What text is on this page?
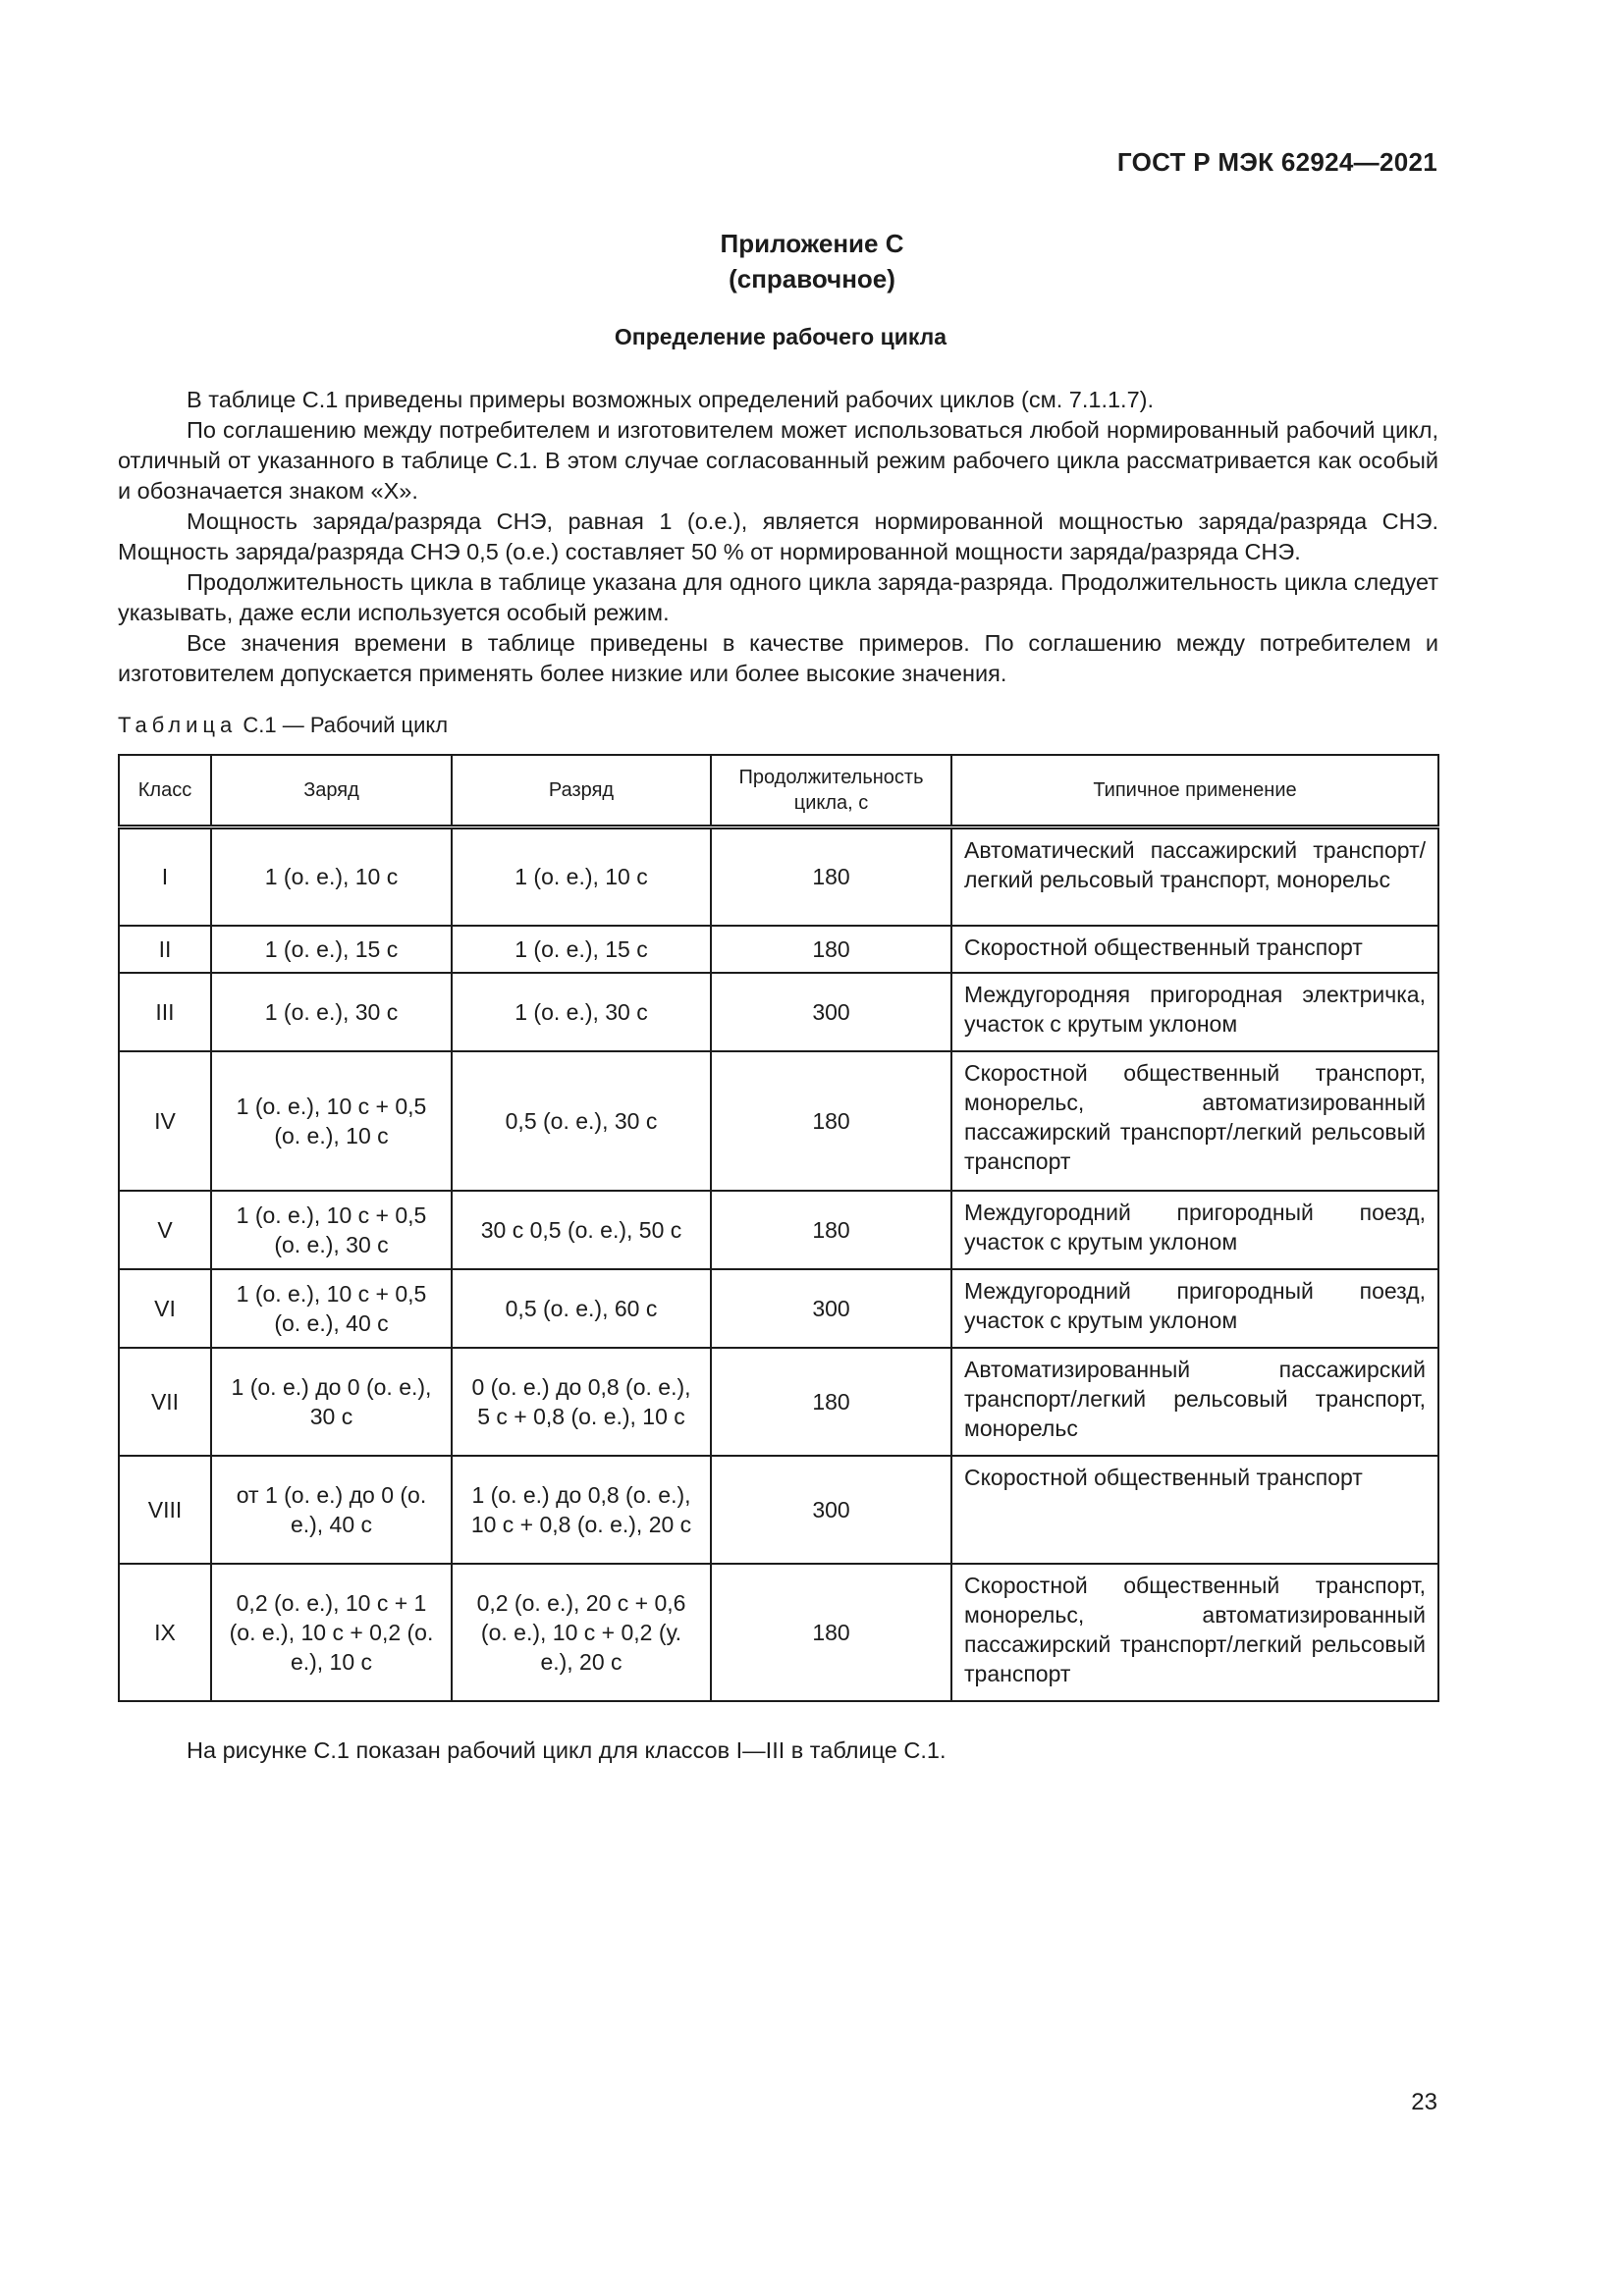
ГОСТ Р МЭК 62924—2021
Приложение С
(справочное)
Определение рабочего цикла

В таблице С.1 приведены примеры возможных определений рабочих циклов (см. 7.1.1.7).

По соглашению между потребителем и изготовителем может использоваться любой нормированный рабочий цикл, отличный от указанного в таблице С.1. В этом случае согласованный режим рабочего цикла рассматривается как особый и обозначается знаком «X».

Мощность заряда/разряда СНЭ, равная 1 (о.е.), является нормированной мощностью заряда/разряда СНЭ. Мощность заряда/разряда СНЭ 0,5 (о.е.) составляет 50 % от нормированной мощности заряда/разряда СНЭ.

Продолжительность цикла в таблице указана для одного цикла заряда-разряда. Продолжительность цикла следует указывать, даже если используется особый режим.

Все значения времени в таблице приведены в качестве примеров. По соглашению между потребителем и изготовителем допускается применять более низкие или более высокие значения.

Таблица С.1 — Рабочий цикл
Класс	Заряд	Разряд	Продолжительность цикла, с	Типичное применение
I	1 (о. е.), 10 с	1 (о. е.), 10 с	180	Автоматический пассажирский транспорт/легкий рельсовый транспорт, монорельс
II	1 (о. е.), 15 с	1 (о. е.), 15 с	180	Скоростной общественный транспорт
III	1 (о. е.), 30 с	1 (о. е.), 30 с	300	Междугородняя пригородная электричка, участок с крутым уклоном
IV	1 (о. е.), 10 с + 0,5 (о. е.), 10 с	0,5 (о. е.), 30 с	180	Скоростной общественный транспорт, монорельс, автоматизированный пассажирский транспорт/легкий рельсовый транспорт
V	1 (о. е.), 10 с + 0,5 (о. е.), 30 с	30 с 0,5 (о. е.), 50 с	180	Междугородний пригородный поезд, участок с крутым уклоном
VI	1 (о. е.), 10 с + 0,5 (о. е.), 40 с	0,5 (о. е.), 60 с	300	Междугородний пригородный поезд, участок с крутым уклоном
VII	1 (о. е.) до 0 (о. е.), 30 с	0 (о. е.) до 0,8 (о. е.), 5 с + 0,8 (о. е.), 10 с	180	Автоматизированный пассажирский транспорт/легкий рельсовый транспорт, монорельс
VIII	от 1 (о. е.) до 0 (о. е.), 40 с	1 (о. е.) до 0,8 (о. е.), 10 с + 0,8 (о. е.), 20 с	300	Скоростной общественный транспорт
IX	0,2 (о. е.), 10 с + 1 (о. е.), 10 с + 0,2 (о. е.), 10 с	0,2 (о. е.), 20 с + 0,6 (о. е.), 10 с + 0,2 (у. е.), 20 с	180	Скоростной общественный транспорт, монорельс, автоматизированный пассажирский транспорт/легкий рельсовый транспорт
На рисунке С.1 показан рабочий цикл для классов I—III в таблице С.1.
23
